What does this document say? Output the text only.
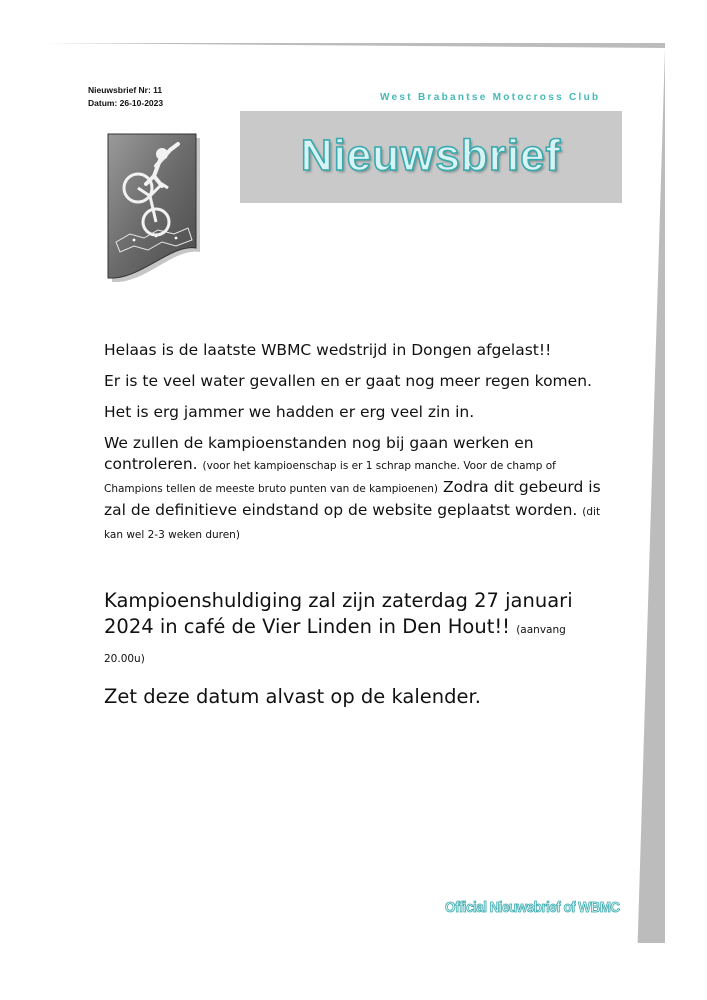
Nieuwsbrief Nr: 11
Datum: 26-10-2023	West Brabantse Motocross Club
Nieuwsbrief

Helaas is de laatste WBMC wedstrijd in Dongen afgelast!!

Er is te veel water gevallen en er gaat nog meer regen komen.

Het is erg jammer we hadden er erg veel zin in.

We zullen de kampioenstanden nog bij gaan werken en controleren. (voor het kampioenschap is er 1 schrap manche. Voor de champ of Champions tellen de meeste bruto punten van de kampioenen) Zodra dit gebeurd is zal de definitieve eindstand op de website geplaatst worden. (dit kan wel 2-3 weken duren)

Kampioenshuldiging zal zijn zaterdag 27 januari 2024 in café de Vier Linden in Den Hout!! (aanvang 20.00u)

Zet deze datum alvast op de kalender.

Official Nieuwsbrief of WBMC
